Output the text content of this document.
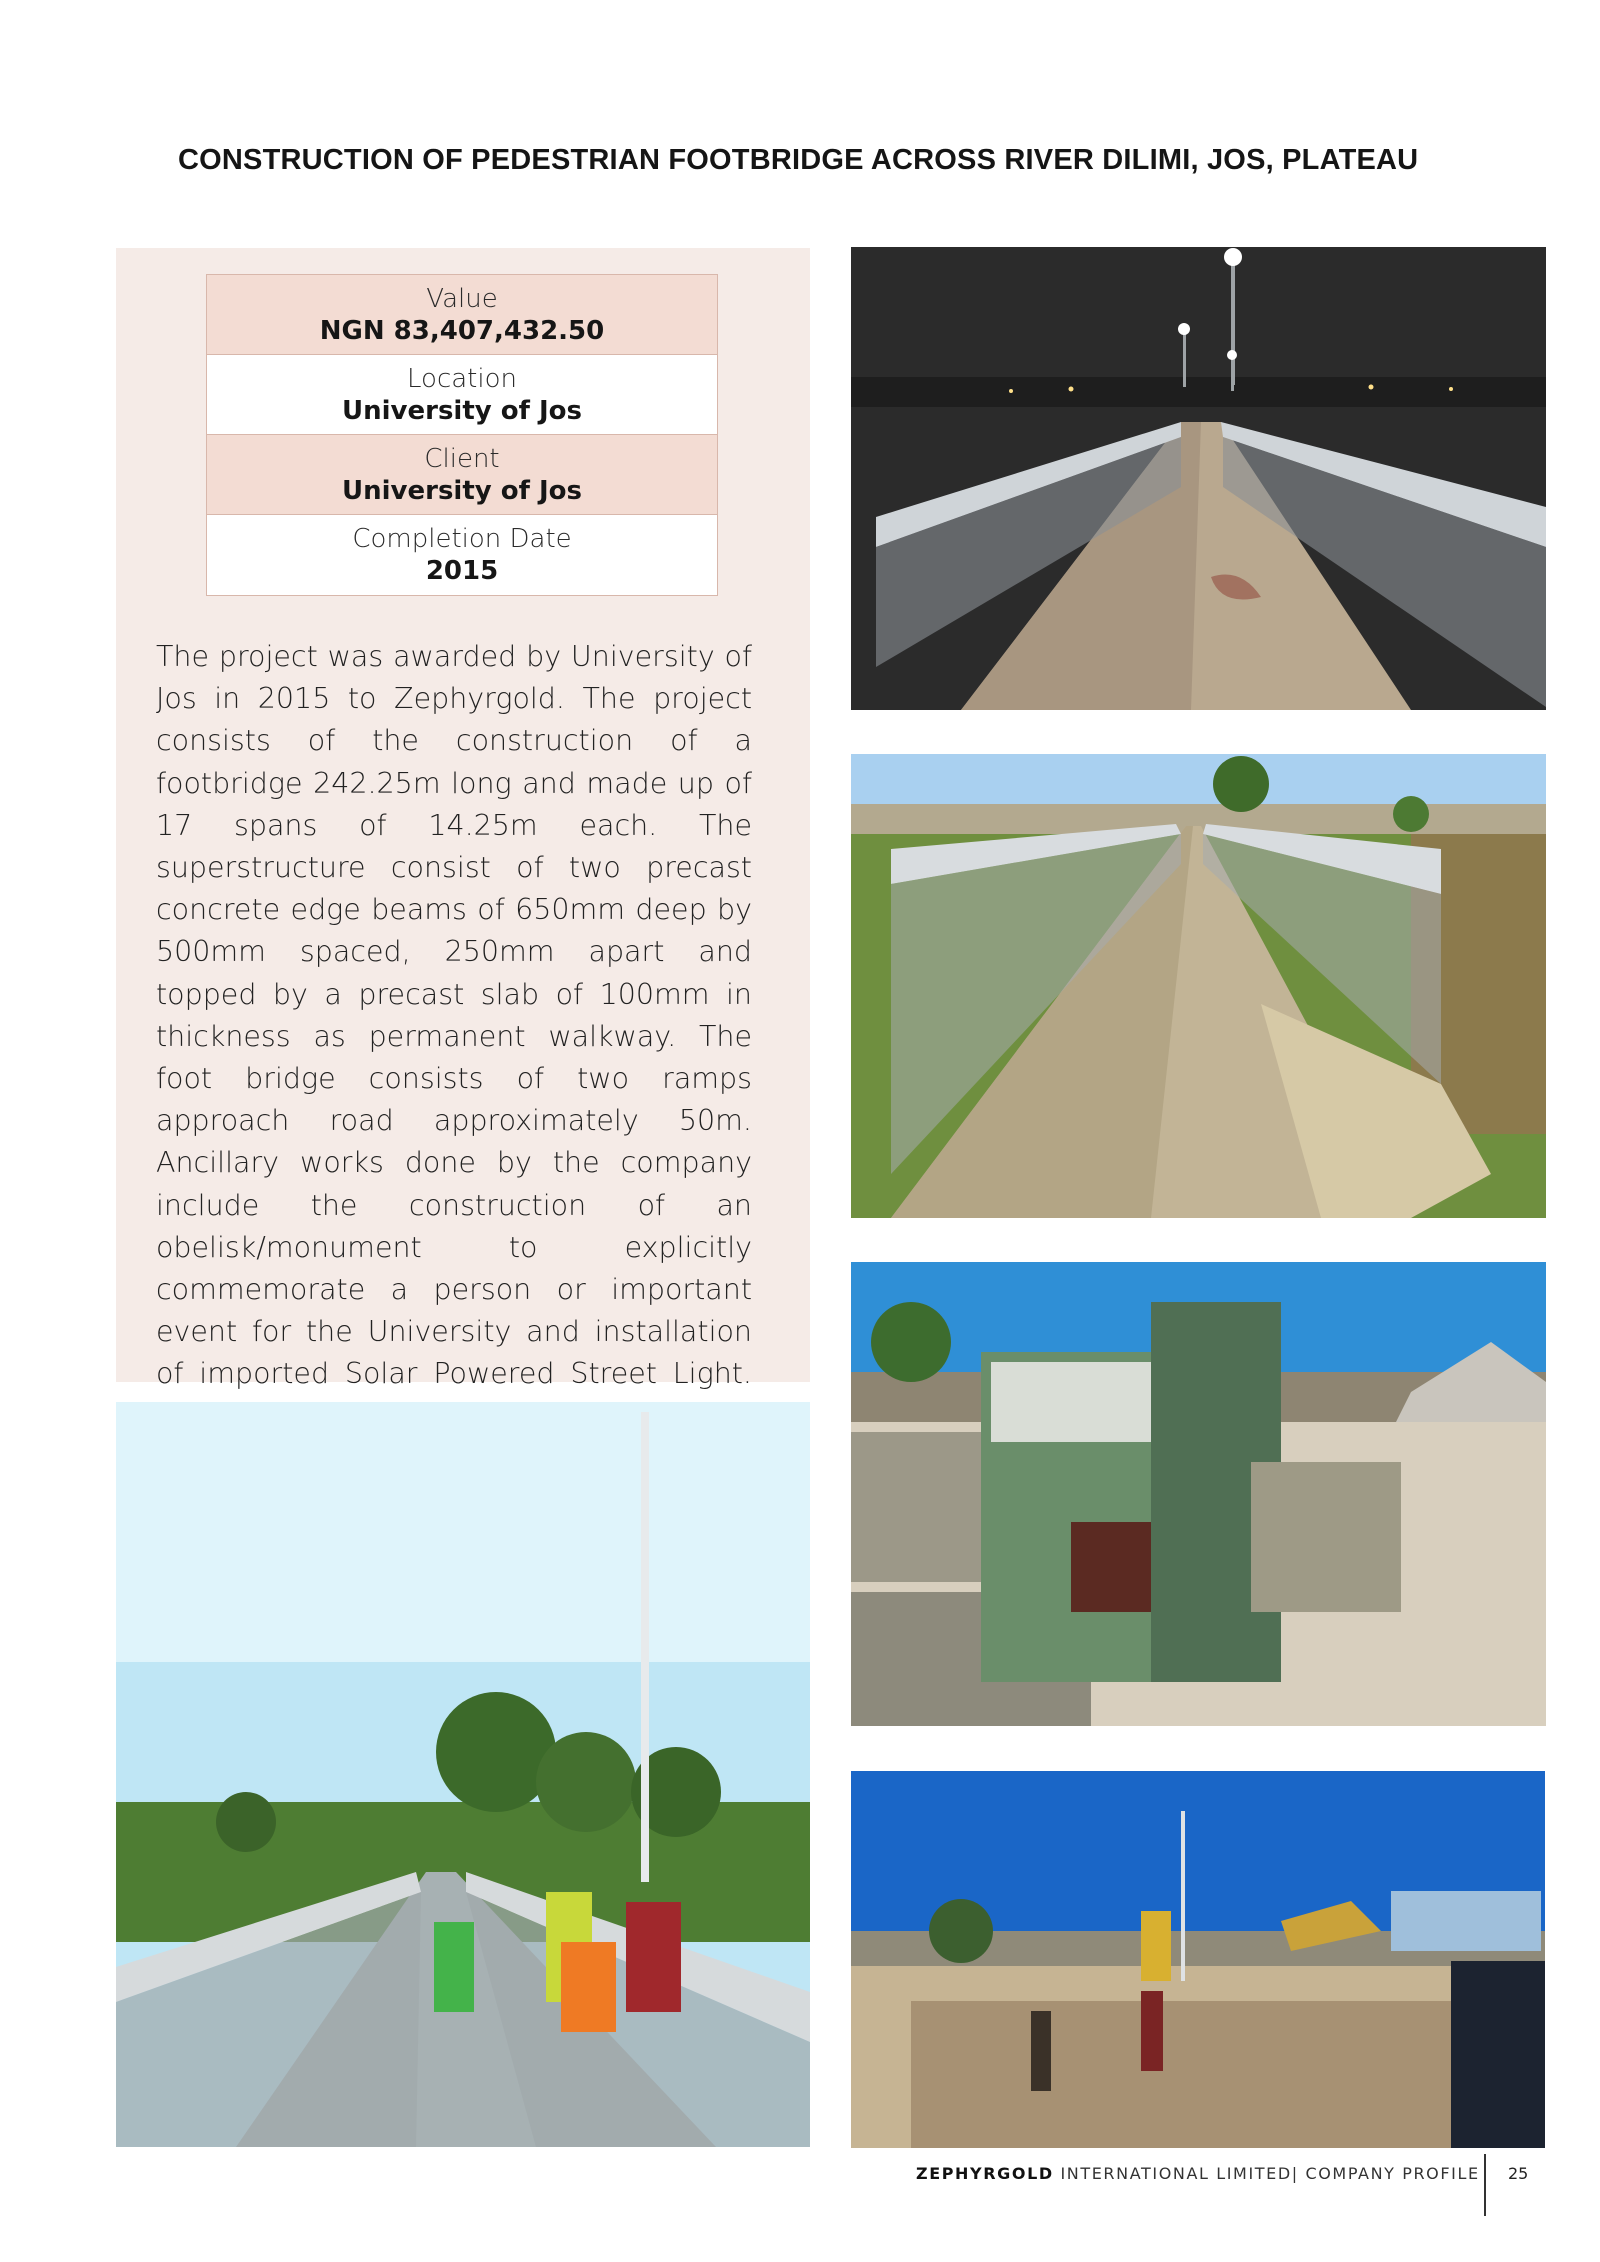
CONSTRUCTION OF PEDESTRIAN FOOTBRIDGE ACROSS RIVER DILIMI, JOS, PLATEAU
Value
NGN 83,407,432.50
Location
University of Jos
Client
University of Jos
Completion Date
2015

The project was awarded by University of Jos in 2015 to Zephyrgold. The project consists of the construction of a footbridge 242.25m long and made up of 17 spans of 14.25m each. The superstructure consist of two precast concrete edge beams of 650mm deep by 500mm spaced, 250mm apart and topped by a precast slab of 100mm in thickness as permanent walkway. The foot bridge consists of two ramps approach road approximately 50m. Ancillary works done by the company include the construction of an obelisk/monument to explicitly commemorate a person or important event for the University and installation of imported Solar Powered Street Light.

ZEPHYRGOLD INTERNATIONAL LIMITED| COMPANY PROFILE 25
